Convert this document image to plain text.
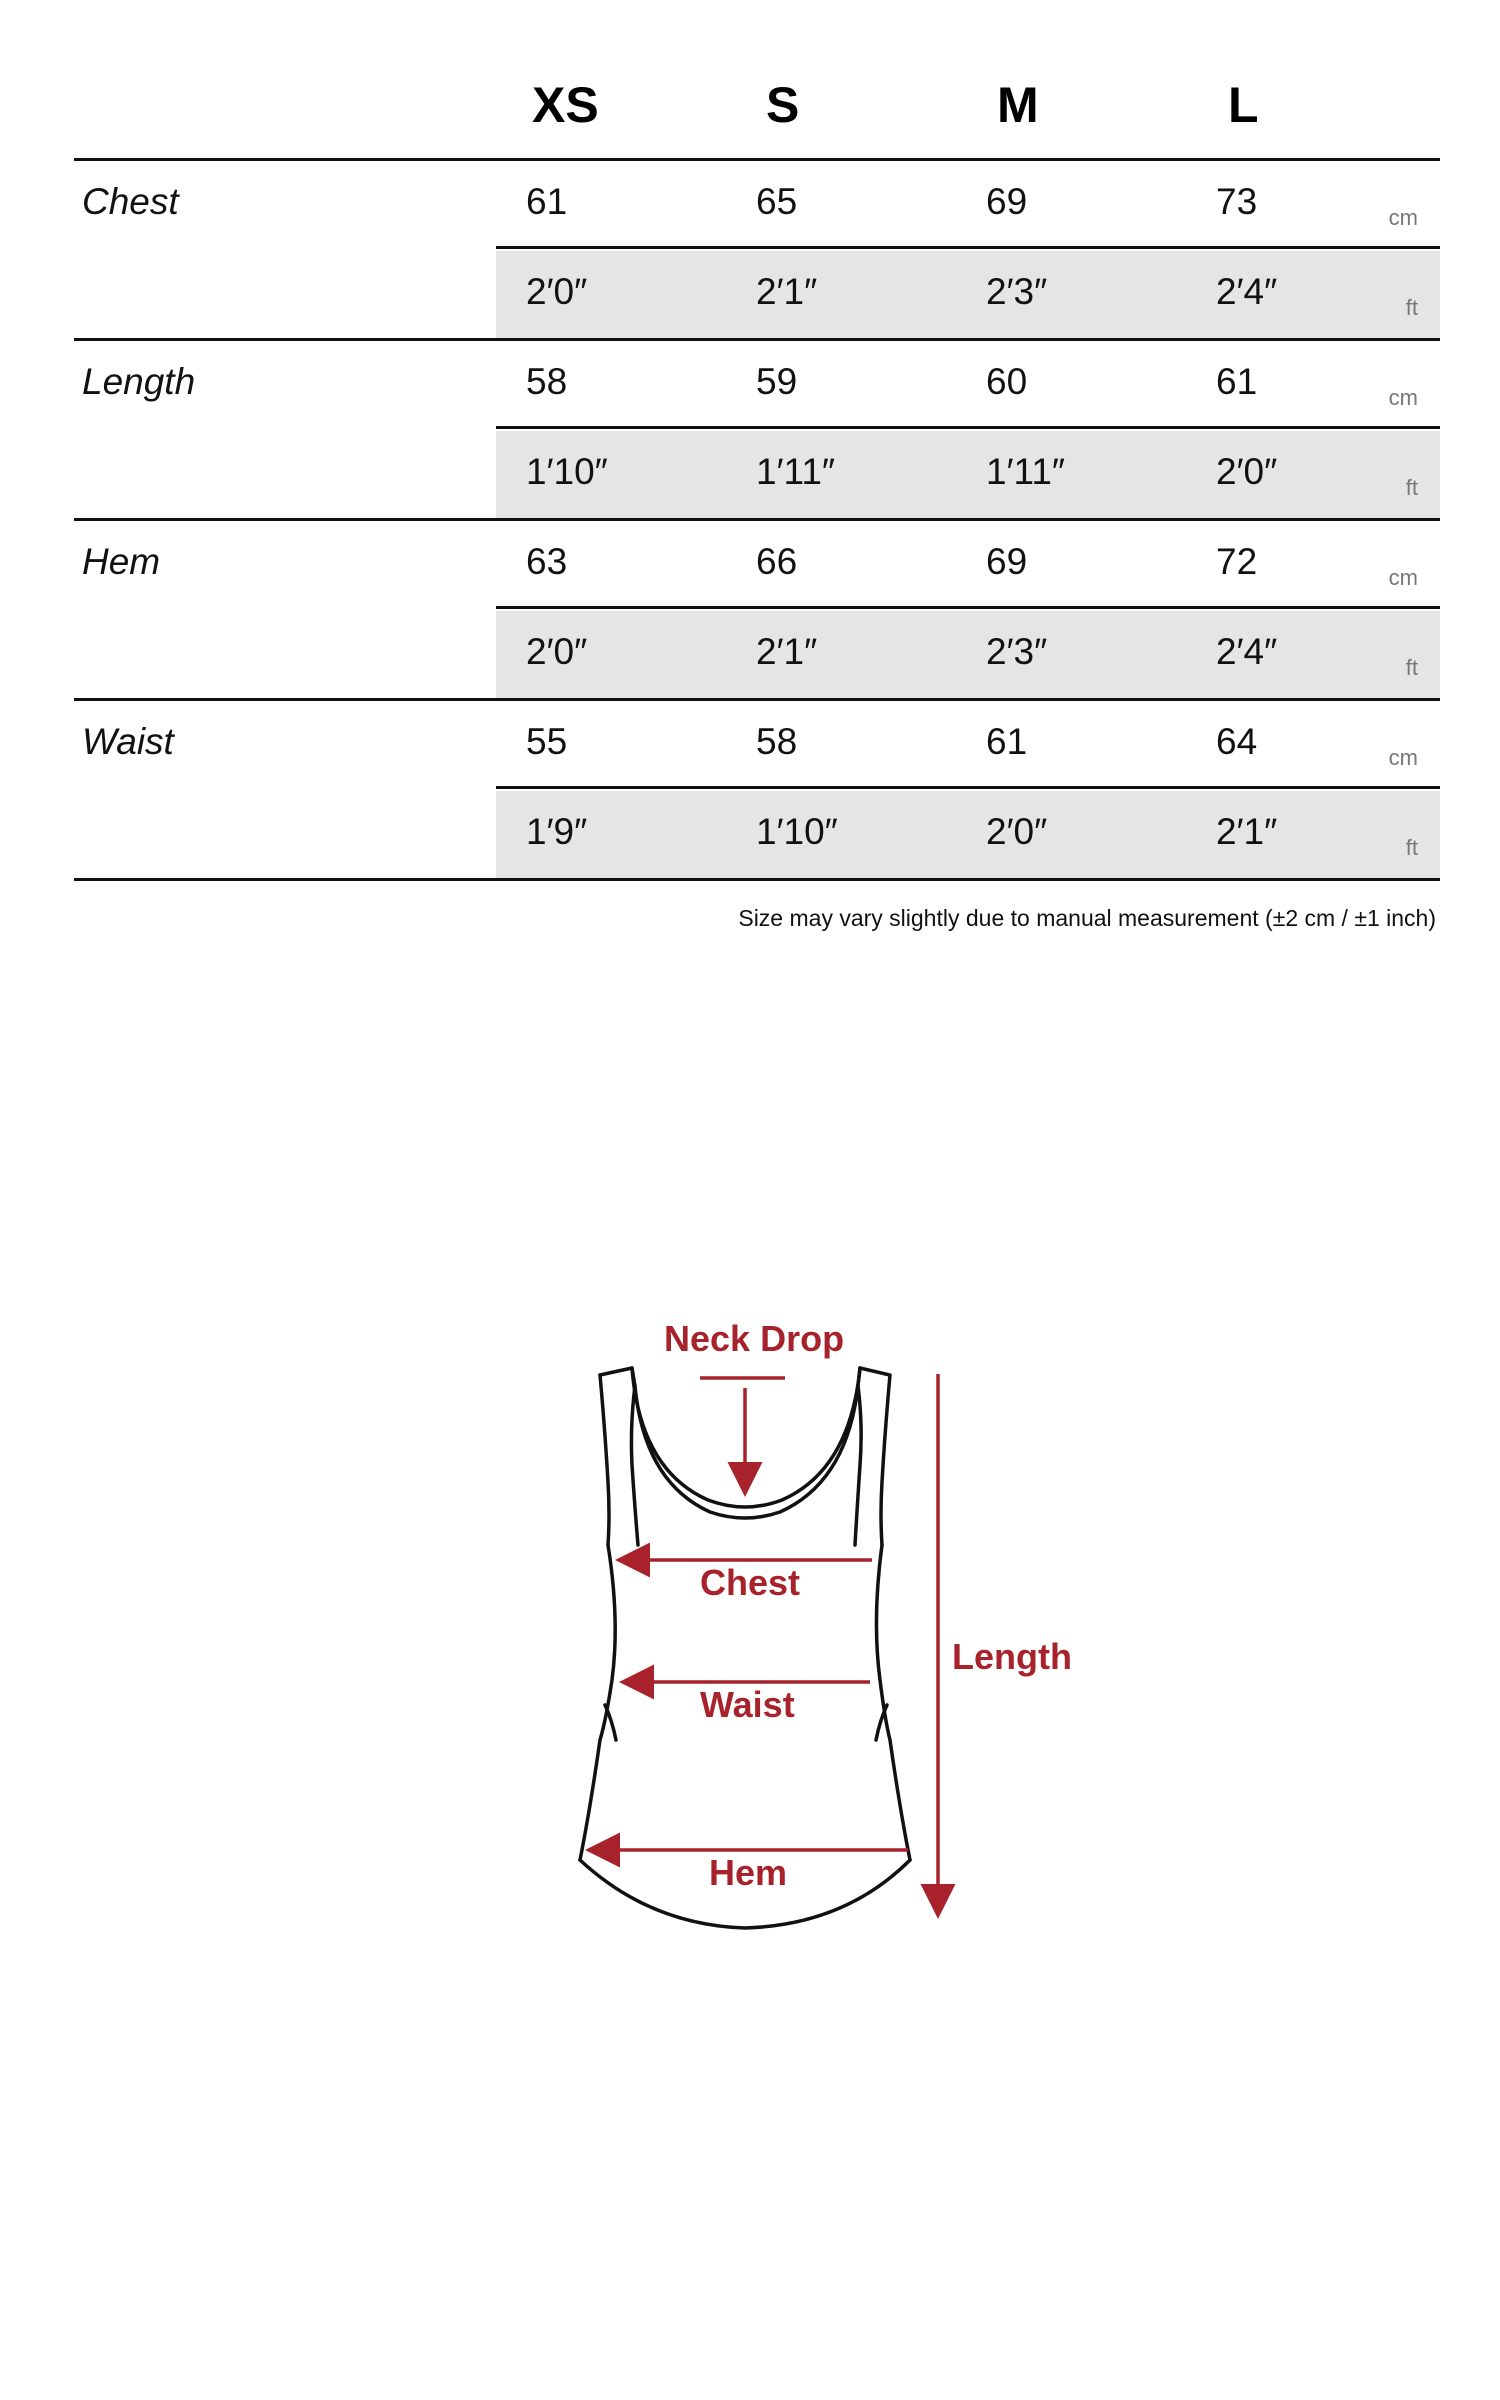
XS	S	M	L
Chest	61	65	69	73	cm
2′0″	2′1″	2′3″	2′4″	ft
Length	58	59	60	61	cm
1′10″	1′11″	1′11″	2′0″	ft
Hem	63	66	69	72	cm
2′0″	2′1″	2′3″	2′4″	ft
Waist	55	58	61	64	cm
1′9″	1′10″	2′0″	2′1″	ft
Size may vary slightly due to manual measurement (±2 cm / ±1 inch)
Neck Drop
Chest
Waist
Hem
Length
